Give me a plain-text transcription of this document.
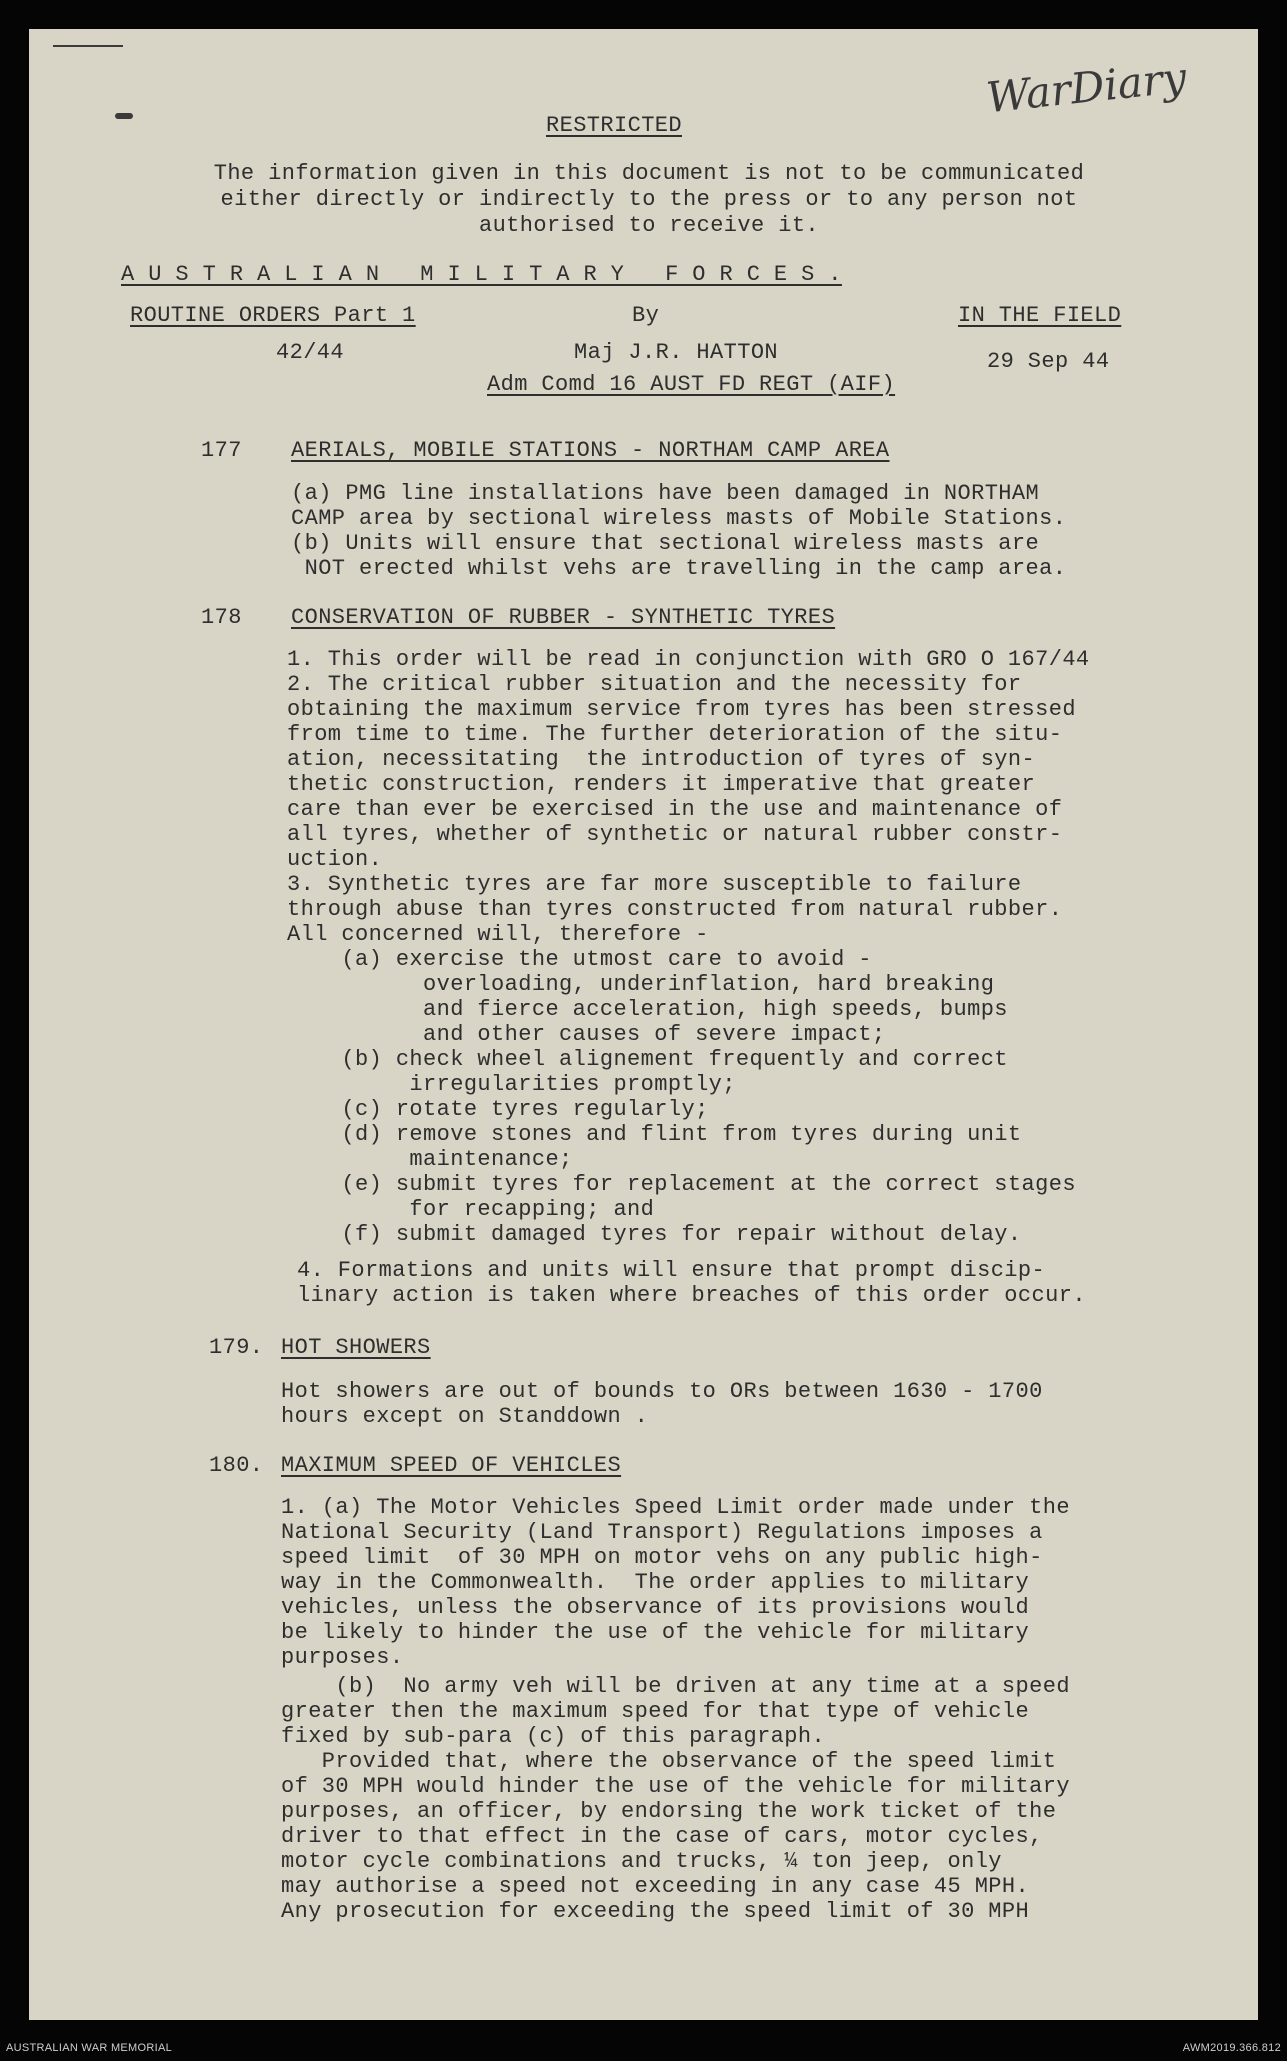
WarDiary
RESTRICTED
The information given in this document is not to be communicated
either directly or indirectly to the press or to any person not
authorised to receive it.
A U S T R A L I A N   M I L I T A R Y   F O R C E S .
ROUTINE ORDERS Part 1	By	IN THE FIELD
42/44	Maj J.R. HATTON	29 Sep 44
Adm Comd 16 AUST FD REGT (AIF)
177 AERIALS, MOBILE STATIONS - NORTHAM CAMP AREA
(a) PMG line installations have been damaged in NORTHAM
CAMP area by sectional wireless masts of Mobile Stations.
(b) Units will ensure that sectional wireless masts are
NOT erected whilst vehs are travelling in the camp area.
178 CONSERVATION OF RUBBER - SYNTHETIC TYRES
1. This order will be read in conjunction with GRO O 167/44
2. The critical rubber situation and the necessity for
obtaining the maximum service from tyres has been stressed
from time to time. The further deterioration of the situ-
ation, necessitating  the introduction of tyres of syn-
thetic construction, renders it imperative that greater
care than ever be exercised in the use and maintenance of
all tyres, whether of synthetic or natural rubber constr-
uction.
3. Synthetic tyres are far more susceptible to failure
through abuse than tyres constructed from natural rubber.
All concerned will, therefore -
(a) exercise the utmost care to avoid -
overloading, underinflation, hard breaking
and fierce acceleration, high speeds, bumps
and other causes of severe impact;
(b) check wheel alignement frequently and correct
irregularities promptly;
(c) rotate tyres regularly;
(d) remove stones and flint from tyres during unit
maintenance;
(e) submit tyres for replacement at the correct stages
for recapping; and
(f) submit damaged tyres for repair without delay.
4. Formations and units will ensure that prompt discip-
linary action is taken where breaches of this order occur.
179. HOT SHOWERS
Hot showers are out of bounds to ORs between 1630 - 1700
hours except on Standdown .
180. MAXIMUM SPEED OF VEHICLES
1. (a) The Motor Vehicles Speed Limit order made under the
National Security (Land Transport) Regulations imposes a
speed limit  of 30 MPH on motor vehs on any public high-
way in the Commonwealth.  The order applies to military
vehicles, unless the observance of its provisions would
be likely to hinder the use of the vehicle for military
purposes.
(b)  No army veh will be driven at any time at a speed
greater then the maximum speed for that type of vehicle
fixed by sub-para (c) of this paragraph.
Provided that, where the observance of the speed limit
of 30 MPH would hinder the use of the vehicle for military
purposes, an officer, by endorsing the work ticket of the
driver to that effect in the case of cars, motor cycles,
motor cycle combinations and trucks, ¼ ton jeep, only
may authorise a speed not exceeding in any case 45 MPH.
Any prosecution for exceeding the speed limit of 30 MPH
AUSTRALIAN WAR MEMORIAL	AWM2019.366.812
